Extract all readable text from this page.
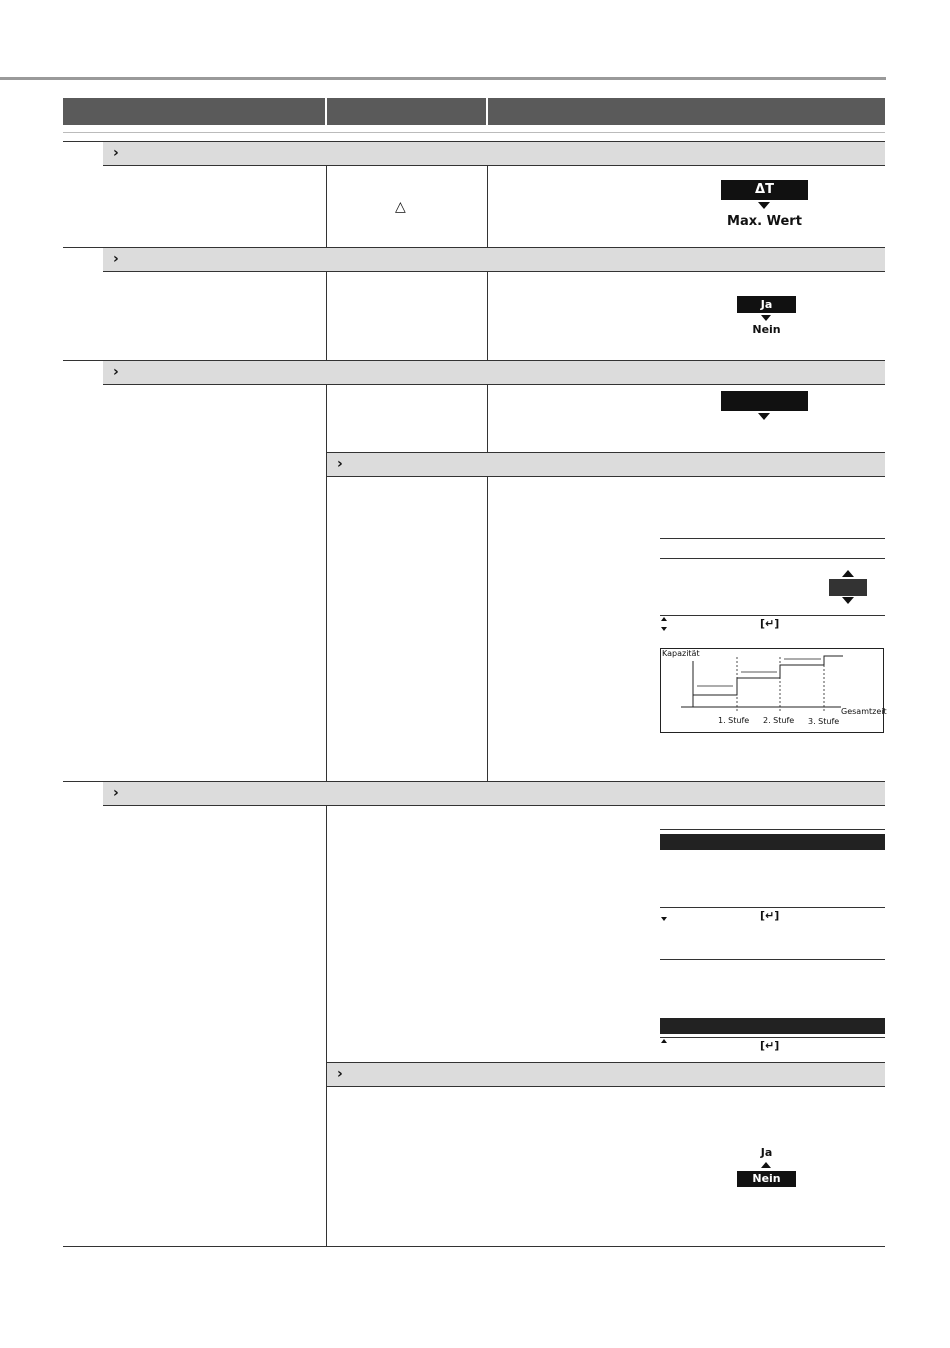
›
△
ΔT
Max. Wert
›
Ja
Nein
›
›
[↵]
Kapazität
Gesamtzeit
1. Stufe 2. Stufe 3. Stufe
›
[↵]
[↵]
›
Ja
Nein
